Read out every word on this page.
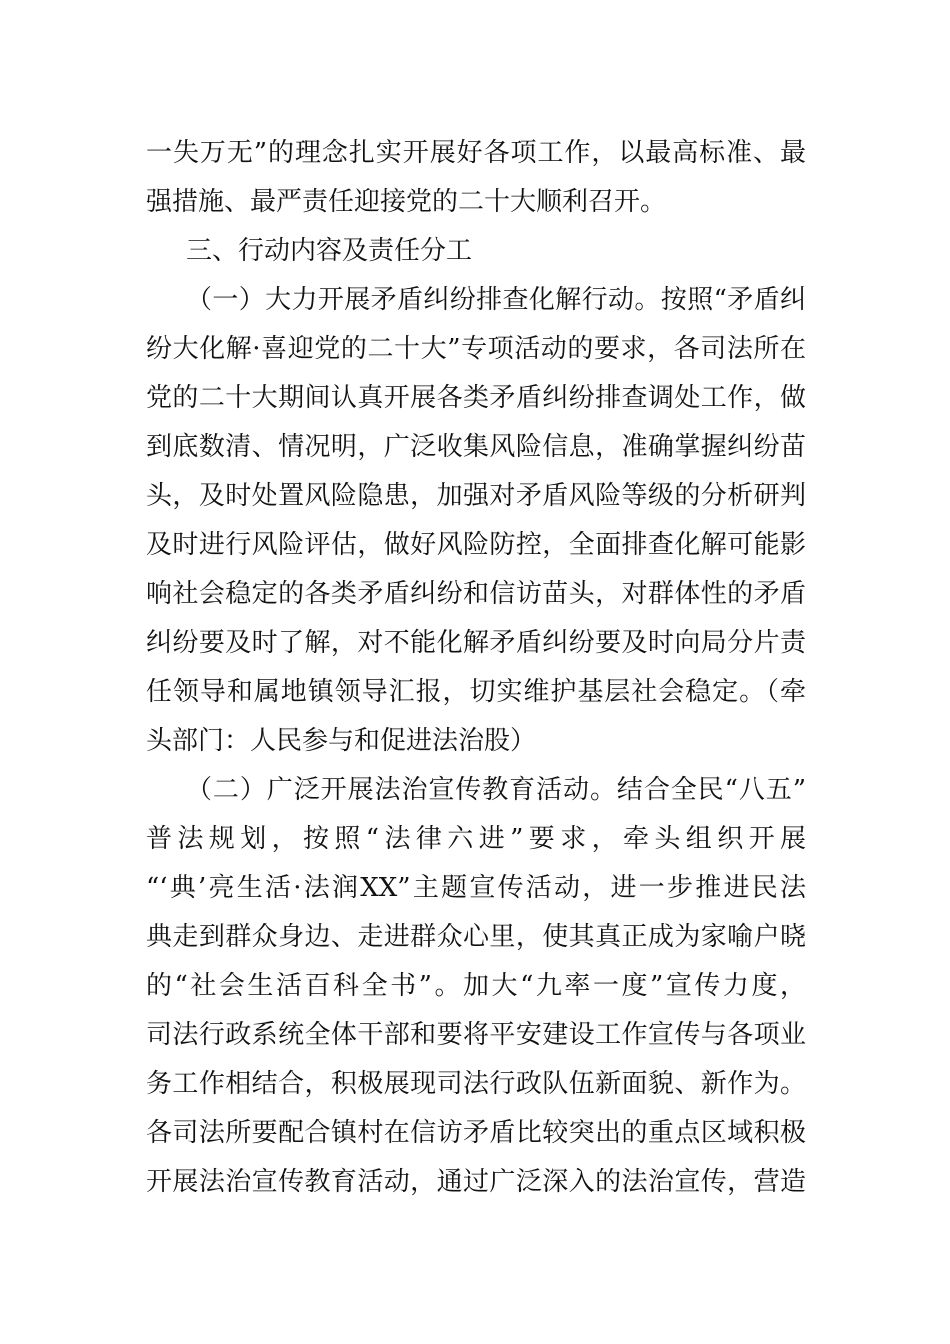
一失万无”的理念扎实开展好各项工作，以最高标准、最
强措施、最严责任迎接党的二十大顺利召开。
三、行动内容及责任分工
（一）大力开展矛盾纠纷排查化解行动。按照“矛盾纠
纷大化解·喜迎党的二十大”专项活动的要求，各司法所在
党的二十大期间认真开展各类矛盾纠纷排查调处工作，做
到底数清、情况明，广泛收集风险信息，准确掌握纠纷苗
头，及时处置风险隐患，加强对矛盾风险等级的分析研判
及时进行风险评估，做好风险防控，全面排查化解可能影
响社会稳定的各类矛盾纠纷和信访苗头，对群体性的矛盾
纠纷要及时了解，对不能化解矛盾纠纷要及时向局分片责
任领导和属地镇领导汇报，切实维护基层社会稳定。（牵
头部门：人民参与和促进法治股）
（二）广泛开展法治宣传教育活动。结合全民“八五”
普法规划，按照“法律六进”要求，牵头组织开展
“‘典’亮生活·法润XX”主题宣传活动，进一步推进民法
典走到群众身边、走进群众心里，使其真正成为家喻户晓
的“社会生活百科全书”。加大“九率一度”宣传力度，
司法行政系统全体干部和要将平安建设工作宣传与各项业
务工作相结合，积极展现司法行政队伍新面貌、新作为。
各司法所要配合镇村在信访矛盾比较突出的重点区域积极
开展法治宣传教育活动，通过广泛深入的法治宣传，营造
